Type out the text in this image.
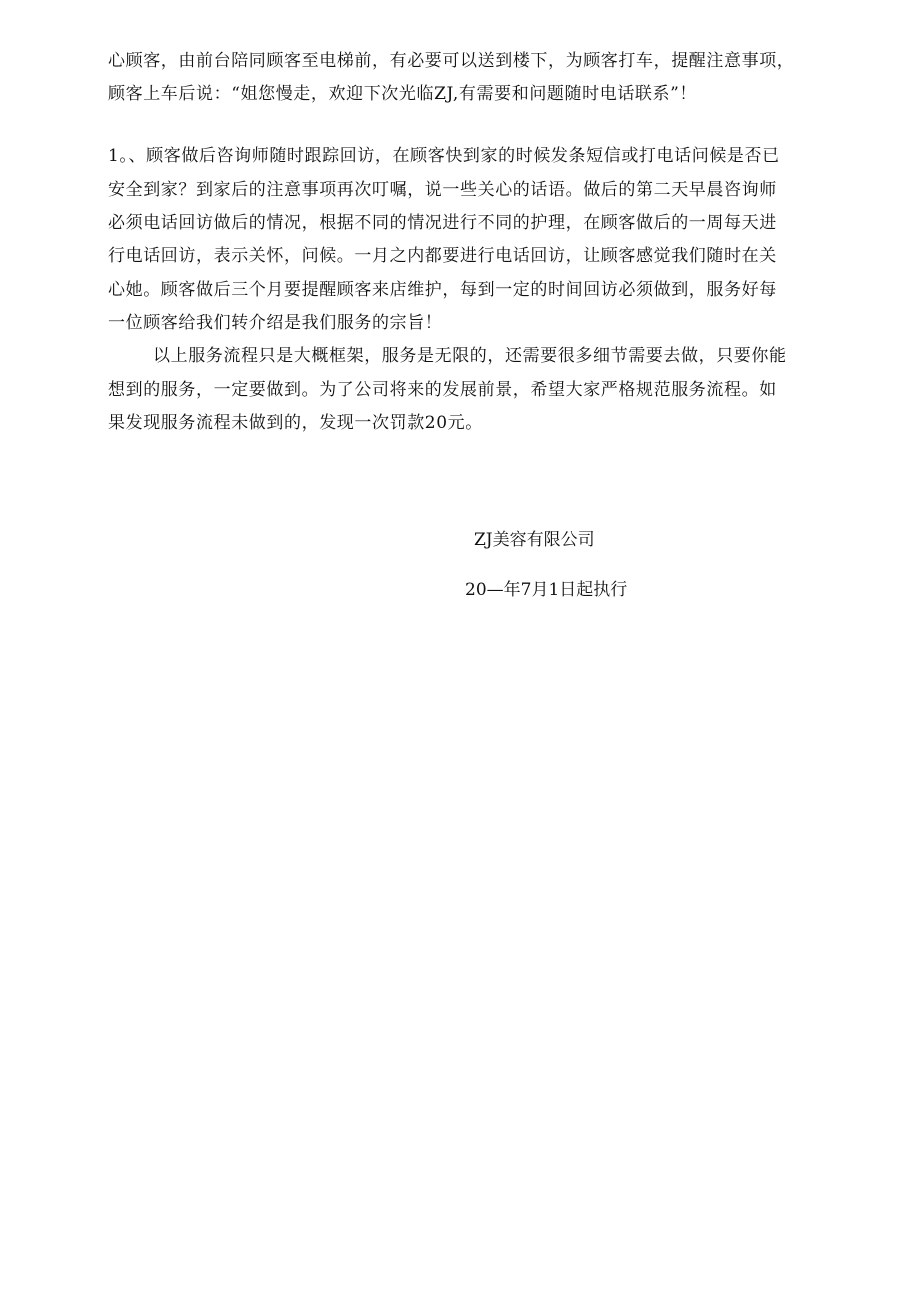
心顾客，由前台陪同顾客至电梯前，有必要可以送到楼下，为顾客打车，提醒注意事项，
顾客上车后说：“姐您慢走，欢迎下次光临ZJ,有需要和问题随时电话联系”！
1。、顾客做后咨询师随时跟踪回访，在顾客快到家的时候发条短信或打电话问候是否已
安全到家？到家后的注意事项再次叮嘱，说一些关心的话语。做后的第二天早晨咨询师
必须电话回访做后的情况，根据不同的情况进行不同的护理，在顾客做后的一周每天进
行电话回访，表示关怀，问候。一月之内都要进行电话回访，让顾客感觉我们随时在关
心她。顾客做后三个月要提醒顾客来店维护，每到一定的时间回访必须做到，服务好每
一位顾客给我们转介绍是我们服务的宗旨！
以上服务流程只是大概框架，服务是无限的，还需要很多细节需要去做，只要你能
想到的服务，一定要做到。为了公司将来的发展前景，希望大家严格规范服务流程。如
果发现服务流程未做到的，发现一次罚款20元。
ZJ美容有限公司
20—年7月1日起执行
